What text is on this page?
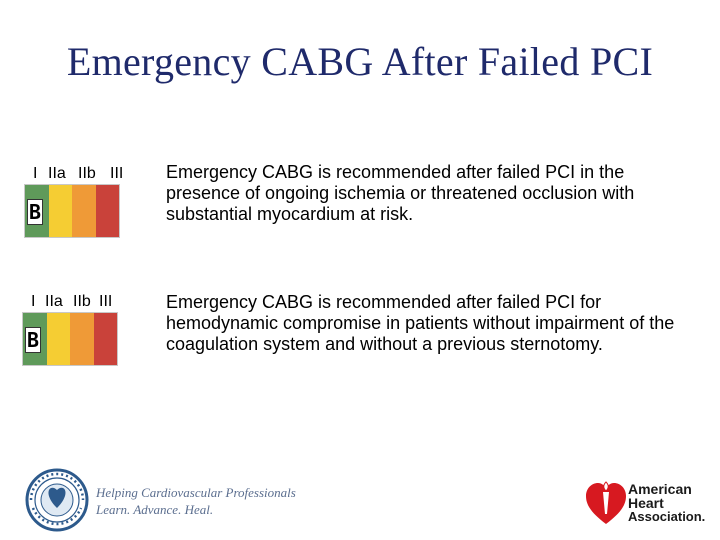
Emergency CABG After Failed PCI
I IIa IIb III
B
Emergency CABG is recommended after failed PCI in the presence of ongoing ischemia or threatened occlusion with substantial myocardium at risk.
I IIa IIb III
B
Emergency CABG is recommended after failed PCI for hemodynamic compromise in patients without impairment of the coagulation system and without a previous sternotomy.
Helping Cardiovascular Professionals
Learn. Advance. Heal.
American
Heart
Association.
